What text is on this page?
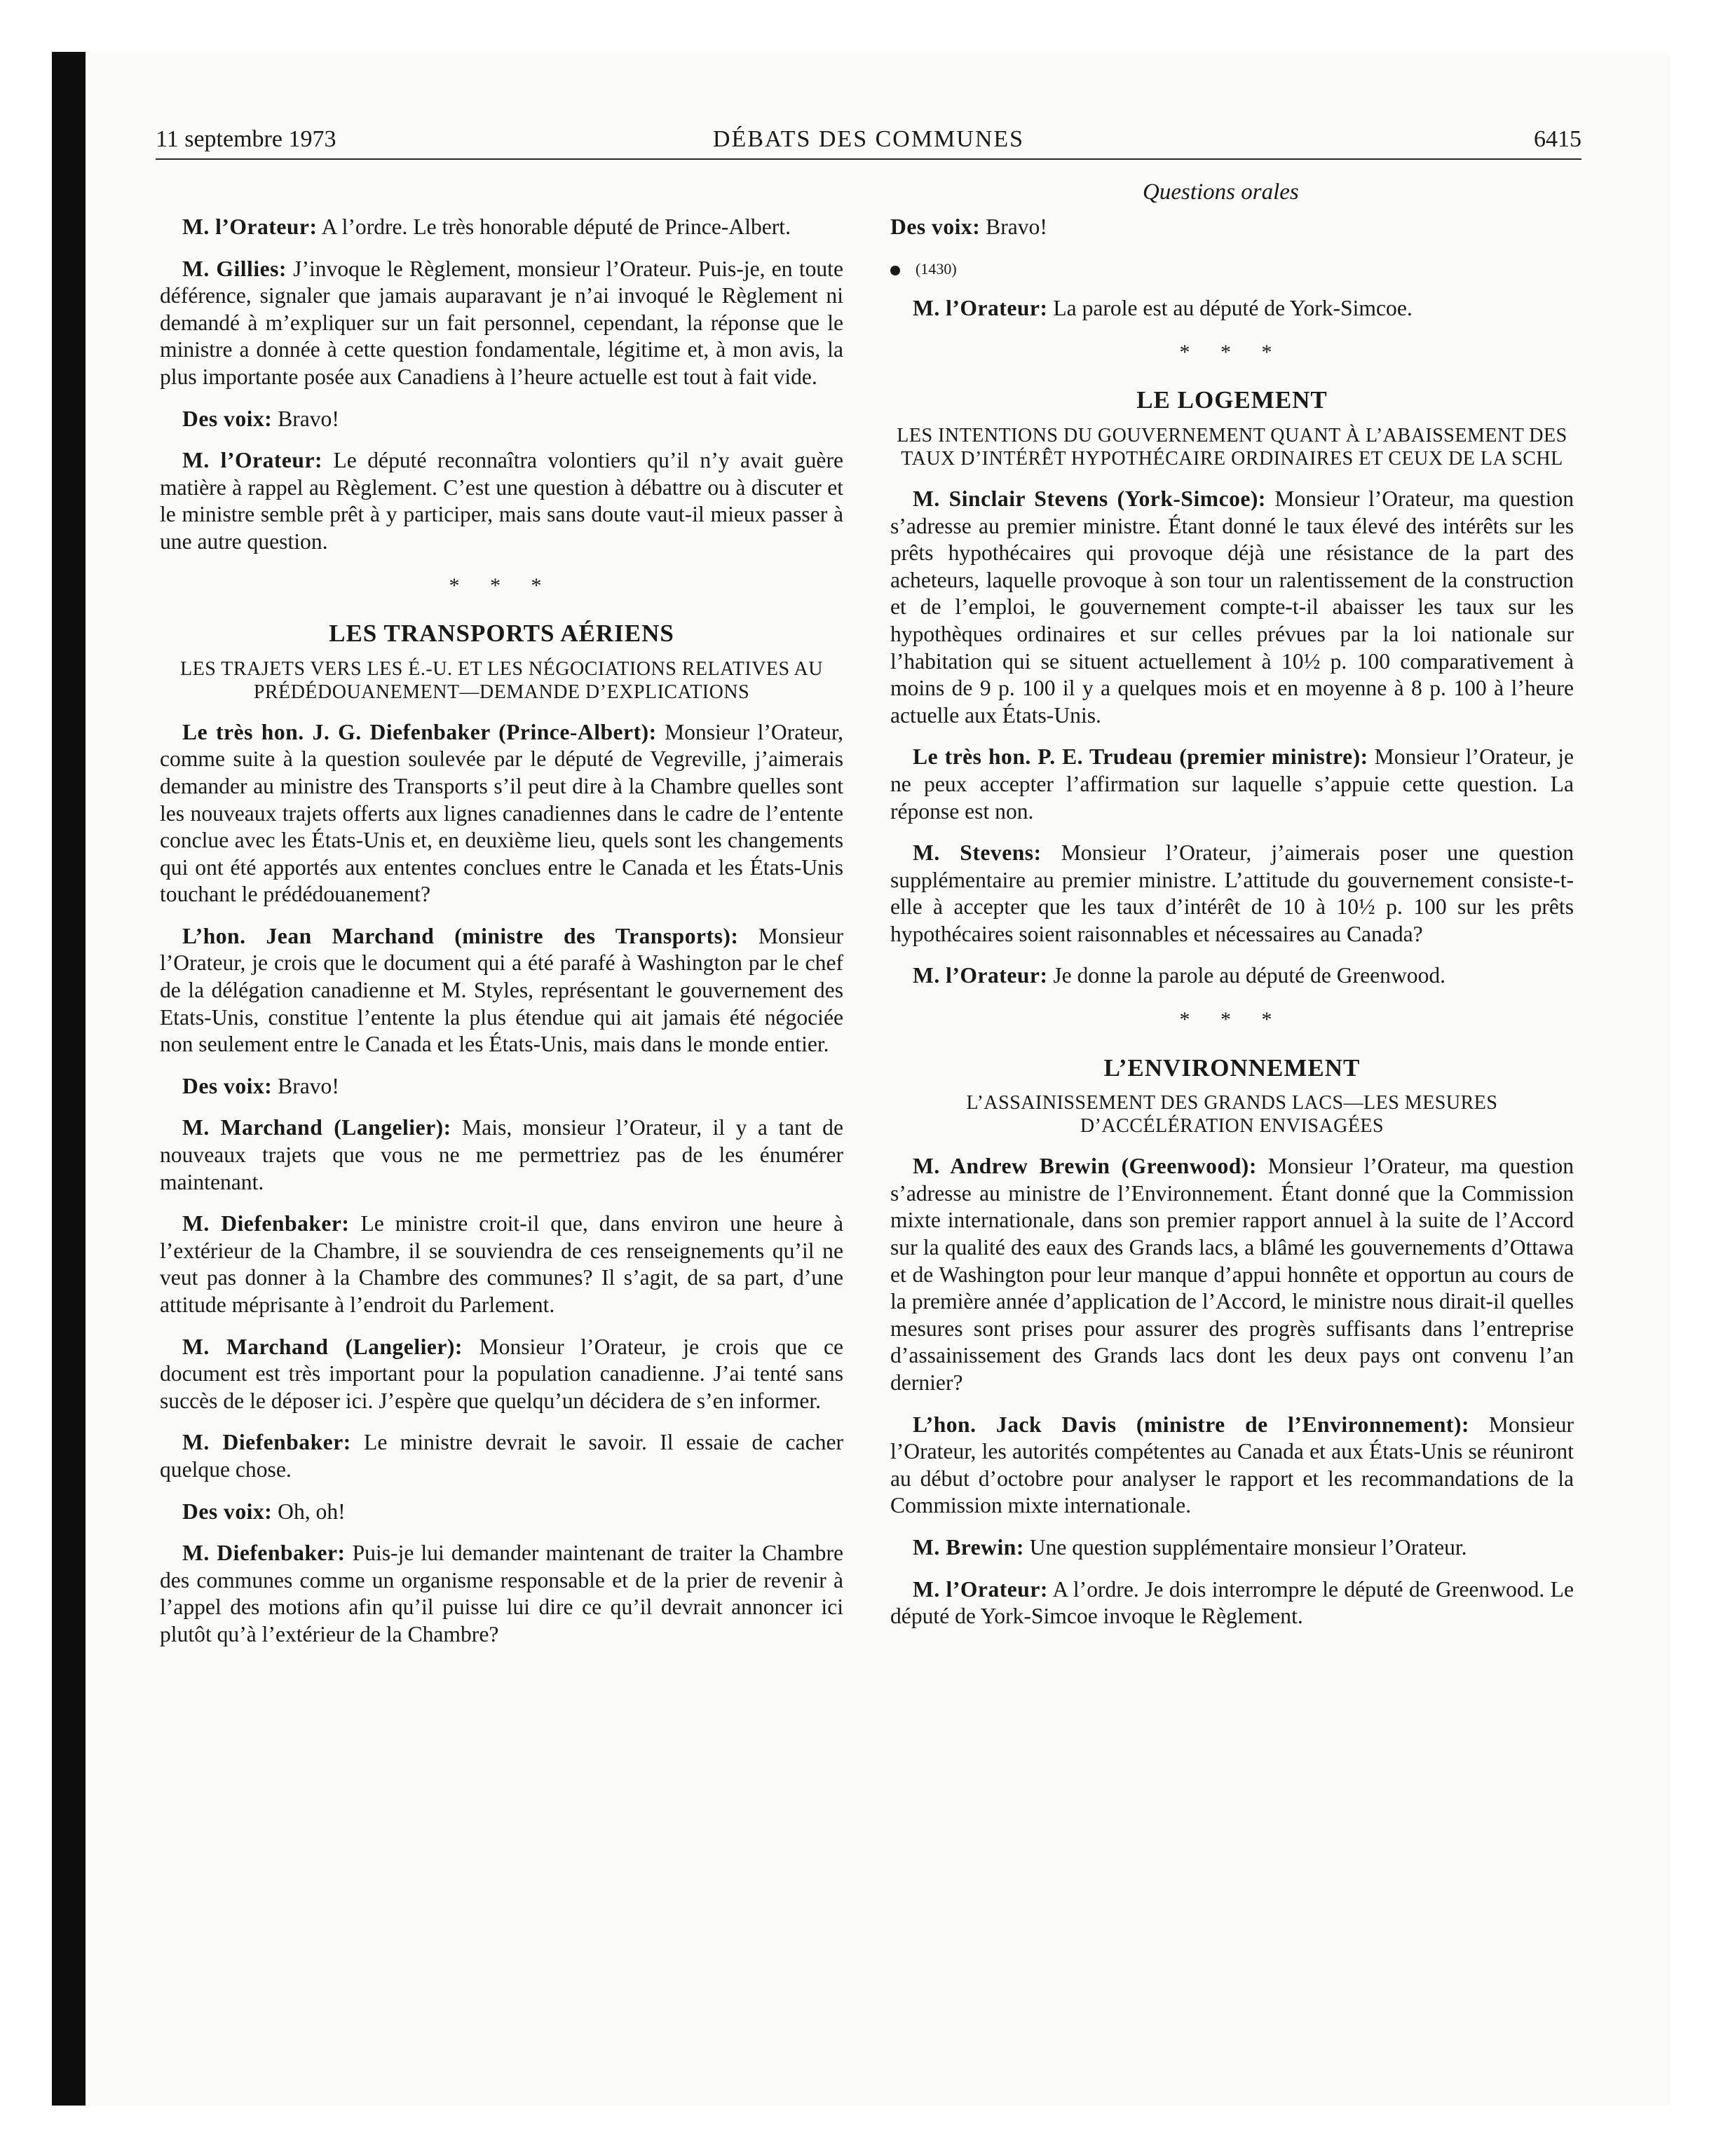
11 septembre 1973	DÉBATS DES COMMUNES	6415
Questions orales

M. l’Orateur: A l’ordre. Le très honorable député de Prince-Albert.

M. Gillies: J’invoque le Règlement, monsieur l’Orateur. Puis-je, en toute déférence, signaler que jamais auparavant je n’ai invoqué le Règlement ni demandé à m’expliquer sur un fait personnel, cependant, la réponse que le ministre a donnée à cette question fondamentale, légitime et, à mon avis, la plus importante posée aux Canadiens à l’heure actuelle est tout à fait vide.

Des voix: Bravo!

M. l’Orateur: Le député reconnaîtra volontiers qu’il n’y avait guère matière à rappel au Règlement. C’est une question à débattre ou à discuter et le ministre semble prêt à y participer, mais sans doute vaut-il mieux passer à une autre question.

* * *
LES TRANSPORTS AÉRIENS
LES TRAJETS VERS LES É.-U. ET LES NÉGOCIATIONS RELATIVES AU PRÉDÉDOUANEMENT—DEMANDE D’EXPLICATIONS

Le très hon. J. G. Diefenbaker (Prince-Albert): Monsieur l’Orateur, comme suite à la question soulevée par le député de Vegreville, j’aimerais demander au ministre des Transports s’il peut dire à la Chambre quelles sont les nouveaux trajets offerts aux lignes canadiennes dans le cadre de l’entente conclue avec les États-Unis et, en deuxième lieu, quels sont les changements qui ont été apportés aux ententes conclues entre le Canada et les États-Unis touchant le prédédouanement?

L’hon. Jean Marchand (ministre des Transports): Monsieur l’Orateur, je crois que le document qui a été parafé à Washington par le chef de la délégation canadienne et M. Styles, représentant le gouvernement des Etats-Unis, constitue l’entente la plus étendue qui ait jamais été négociée non seulement entre le Canada et les États-Unis, mais dans le monde entier.

Des voix: Bravo!

M. Marchand (Langelier): Mais, monsieur l’Orateur, il y a tant de nouveaux trajets que vous ne me permettriez pas de les énumérer maintenant.

M. Diefenbaker: Le ministre croit-il que, dans environ une heure à l’extérieur de la Chambre, il se souviendra de ces renseignements qu’il ne veut pas donner à la Chambre des communes? Il s’agit, de sa part, d’une attitude méprisante à l’endroit du Parlement.

M. Marchand (Langelier): Monsieur l’Orateur, je crois que ce document est très important pour la population canadienne. J’ai tenté sans succès de le déposer ici. J’espère que quelqu’un décidera de s’en informer.

M. Diefenbaker: Le ministre devrait le savoir. Il essaie de cacher quelque chose.

Des voix: Oh, oh!

M. Diefenbaker: Puis-je lui demander maintenant de traiter la Chambre des communes comme un organisme responsable et de la prier de revenir à l’appel des motions afin qu’il puisse lui dire ce qu’il devrait annoncer ici plutôt qu’à l’extérieur de la Chambre?

Des voix: Bravo!

(1430)

M. l’Orateur: La parole est au député de York-Simcoe.

* * *
LE LOGEMENT
LES INTENTIONS DU GOUVERNEMENT QUANT À L’ABAISSEMENT DES TAUX D’INTÉRÊT HYPOTHÉCAIRE ORDINAIRES ET CEUX DE LA SCHL

M. Sinclair Stevens (York-Simcoe): Monsieur l’Orateur, ma question s’adresse au premier ministre. Étant donné le taux élevé des intérêts sur les prêts hypothécaires qui provoque déjà une résistance de la part des acheteurs, laquelle provoque à son tour un ralentissement de la construction et de l’emploi, le gouvernement compte-t-il abaisser les taux sur les hypothèques ordinaires et sur celles prévues par la loi nationale sur l’habitation qui se situent actuellement à 10½ p. 100 comparativement à moins de 9 p. 100 il y a quelques mois et en moyenne à 8 p. 100 à l’heure actuelle aux États-Unis.

Le très hon. P. E. Trudeau (premier ministre): Monsieur l’Orateur, je ne peux accepter l’affirmation sur laquelle s’appuie cette question. La réponse est non.

M. Stevens: Monsieur l’Orateur, j’aimerais poser une question supplémentaire au premier ministre. L’attitude du gouvernement consiste-t-elle à accepter que les taux d’intérêt de 10 à 10½ p. 100 sur les prêts hypothécaires soient raisonnables et nécessaires au Canada?

M. l’Orateur: Je donne la parole au député de Greenwood.

* * *
L’ENVIRONNEMENT
L’ASSAINISSEMENT DES GRANDS LACS—LES MESURES D’ACCÉLÉRATION ENVISAGÉES

M. Andrew Brewin (Greenwood): Monsieur l’Orateur, ma question s’adresse au ministre de l’Environnement. Étant donné que la Commission mixte internationale, dans son premier rapport annuel à la suite de l’Accord sur la qualité des eaux des Grands lacs, a blâmé les gouvernements d’Ottawa et de Washington pour leur manque d’appui honnête et opportun au cours de la première année d’application de l’Accord, le ministre nous dirait-il quelles mesures sont prises pour assurer des progrès suffisants dans l’entreprise d’assainissement des Grands lacs dont les deux pays ont convenu l’an dernier?

L’hon. Jack Davis (ministre de l’Environnement): Monsieur l’Orateur, les autorités compétentes au Canada et aux États-Unis se réuniront au début d’octobre pour analyser le rapport et les recommandations de la Commission mixte internationale.

M. Brewin: Une question supplémentaire monsieur l’Orateur.

M. l’Orateur: A l’ordre. Je dois interrompre le député de Greenwood. Le député de York-Simcoe invoque le Règlement.
